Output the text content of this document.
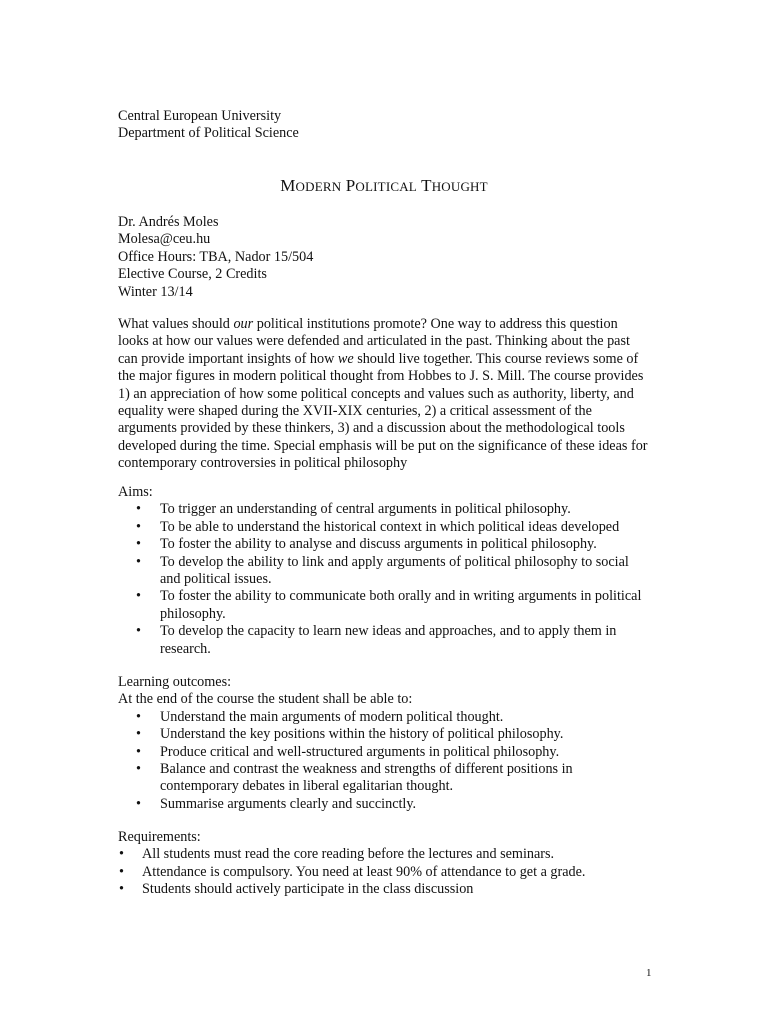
Central European University
Department of Political Science
MODERN POLITICAL THOUGHT
Dr. Andrés Moles
Molesa@ceu.hu
Office Hours: TBA, Nador 15/504
Elective Course, 2 Credits
Winter 13/14
What values should our political institutions promote? One way to address this question
looks at how our values were defended and articulated in the past. Thinking about the past
can provide important insights of how we should live together. This course reviews some of
the major figures in modern political thought from Hobbes to J. S. Mill. The course provides
1) an appreciation of how some political concepts and values such as authority, liberty, and
equality were shaped during the XVII-XIX centuries, 2) a critical assessment of the
arguments provided by these thinkers, 3) and a discussion about the methodological tools
developed during the time. Special emphasis will be put on the significance of these ideas for
contemporary controversies in political philosophy
Aims:
• To trigger an understanding of central arguments in political philosophy.
• To be able to understand the historical context in which political ideas developed
• To foster the ability to analyse and discuss arguments in political philosophy.
• To develop the ability to link and apply arguments of political philosophy to social
and political issues.
• To foster the ability to communicate both orally and in writing arguments in political
philosophy.
• To develop the capacity to learn new ideas and approaches, and to apply them in
research.
Learning outcomes:
At the end of the course the student shall be able to:
• Understand the main arguments of modern political thought.
• Understand the key positions within the history of political philosophy.
• Produce critical and well-structured arguments in political philosophy.
• Balance and contrast the weakness and strengths of different positions in
contemporary debates in liberal egalitarian thought.
• Summarise arguments clearly and succinctly.
Requirements:
• All students must read the core reading before the lectures and seminars.
• Attendance is compulsory. You need at least 90% of attendance to get a grade.
• Students should actively participate in the class discussion
1
